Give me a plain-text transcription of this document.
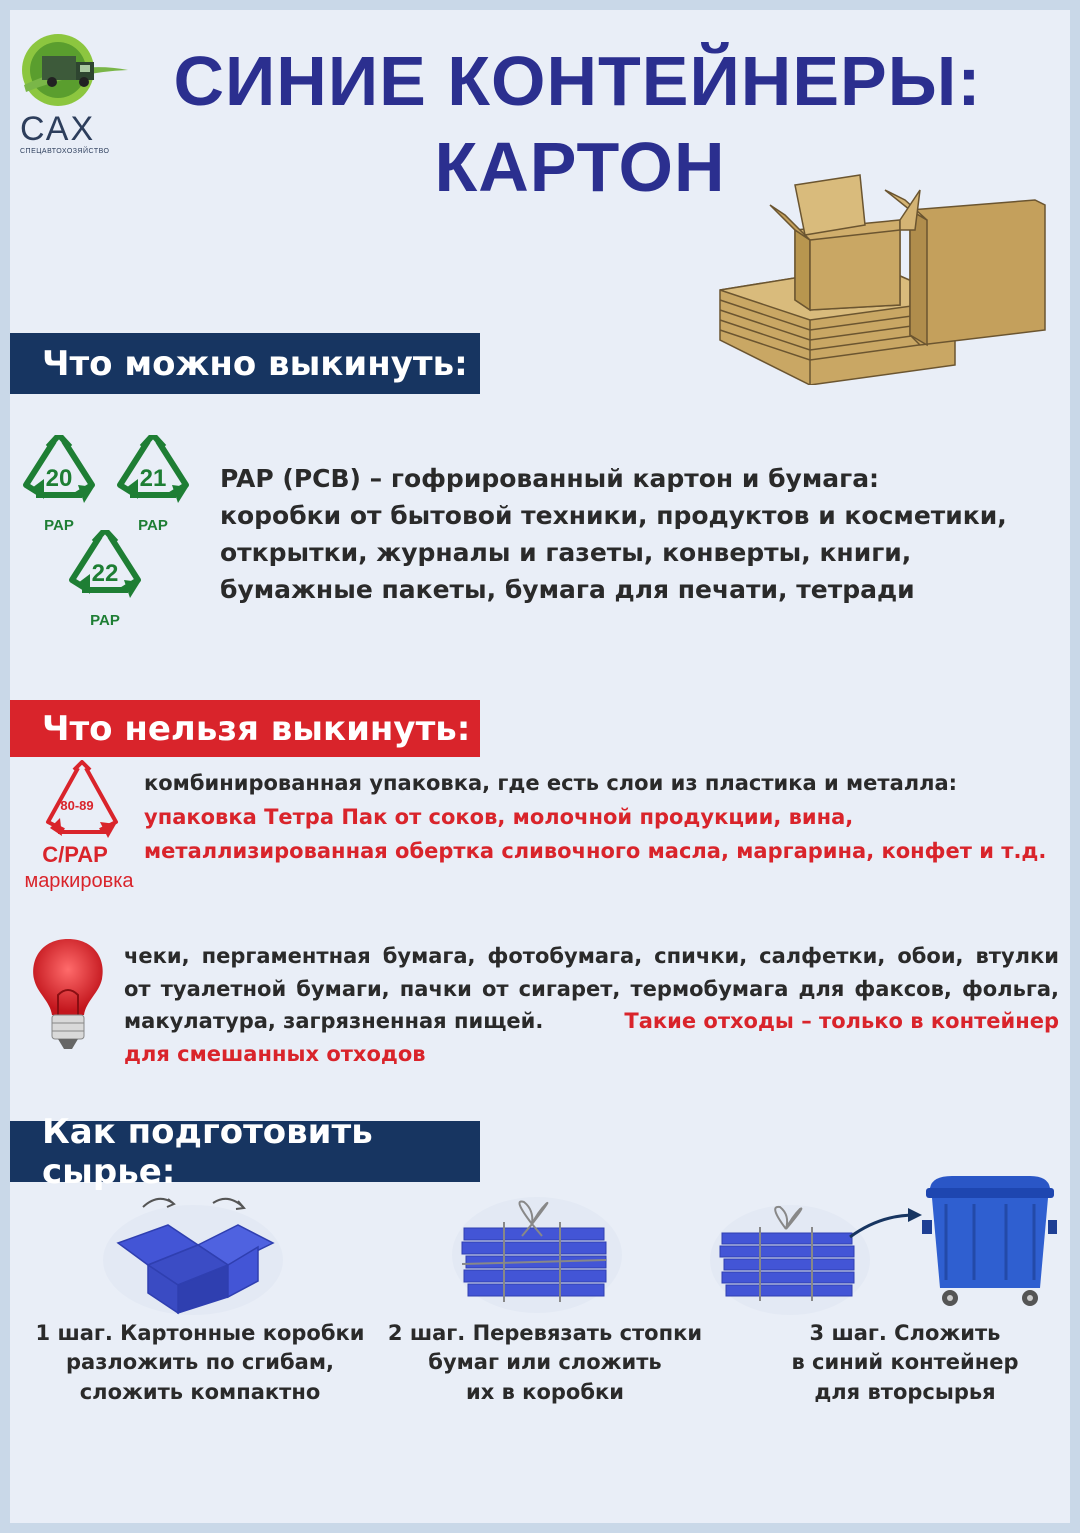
САХ
СПЕЦАВТОХОЗЯЙСТВО
СИНИЕ КОНТЕЙНЕРЫ:
КАРТОН
Что можно выкинуть:
20
PAP
21
PAP
22
PAP
PAP (PCB) – гофрированный картон и бумага:
коробки от бытовой техники, продуктов и косметики,
открытки, журналы и газеты, конверты, книги,
бумажные пакеты, бумага для печати, тетради
Что нельзя выкинуть:
80-89
C/PAP
маркировка
комбинированная упаковка, где есть слои из пластика и металла:
упаковка Тетра Пак от соков, молочной продукции, вина,
металлизированная обертка сливочного масла, маргарина, конфет и т.д.
чеки, пергаментная бумага, фотобумага, спички, салфетки, обои, втулки
от туалетной бумаги, пачки от сигарет, термобумага для факсов, фольга,
макулатура, загрязненная пищей.	Такие отходы – только в контейнер
для смешанных отходов
Как подготовить сырье:
1 шаг. Картонные коробки
разложить по сгибам,
сложить компактно
2 шаг. Перевязать стопки
бумаг или сложить
их в коробки
3 шаг. Сложить
в синий контейнер
для вторсырья
